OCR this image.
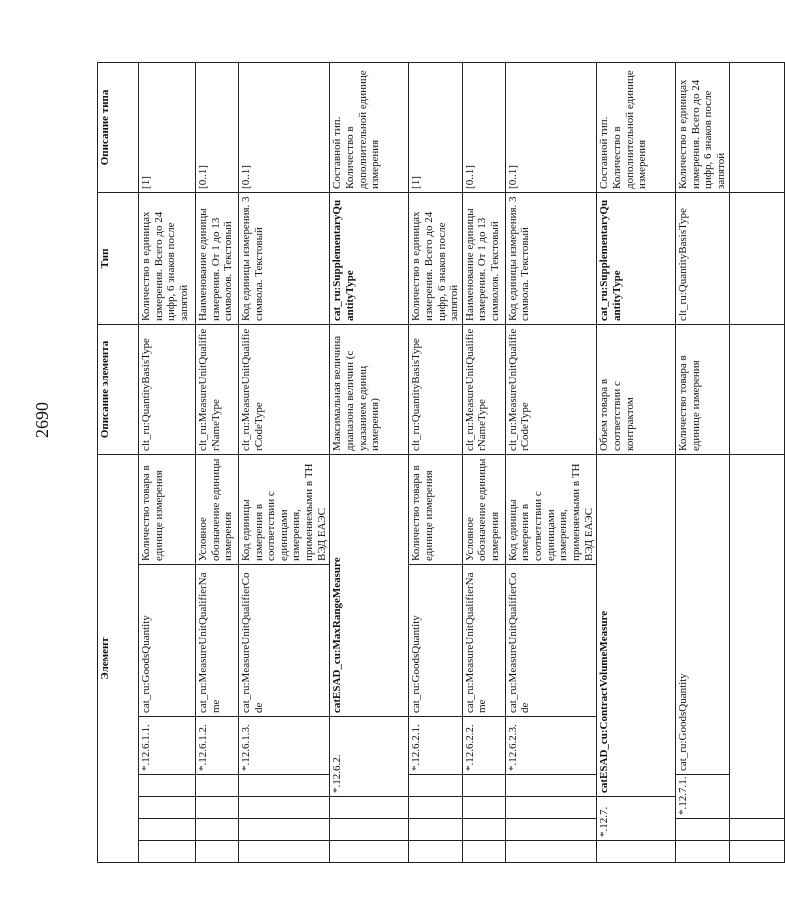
2690
Элемент							Описание элемента	Тип	Описание типа	
				*.12.6.1.1.	cat_ru:GoodsQuantity	Количество товара в единице измерения	clt_ru:QuantityBasisType	Количество в единицах измерения. Всего до 24 цифр, 6 знаков после запятой	[1]	
				*.12.6.1.2.	cat_ru:MeasureUnitQualifierName	Условное обозначение единицы измерения	clt_ru:MeasureUnitQualifierNameType	Наименование единицы измерения. От 1 до 13 символов. Текстовый	[0..1]	
				*.12.6.1.3.	cat_ru:MeasureUnitQualifierCode	Код единицы измерения в соответствии с единицами измерения, применяемыми в ТН ВЭД ЕАЭС	clt_ru:MeasureUnitQualifierCodeType	Код единицы измерения. 3 символа. Текстовый	[0..1]	
			*.12.6.2.		catESAD_cu:MaxRangeMeasure		Максимальная величина диапазона величин (с указанием единиц измерения)	cat_ru:SupplementaryQuantityType	Составной тип. Количество в дополнительной единице измерения	
				*.12.6.2.1.	cat_ru:GoodsQuantity	Количество товара в единице измерения	clt_ru:QuantityBasisType	Количество в единицах измерения. Всего до 24 цифр, 6 знаков после запятой	[1]	
				*.12.6.2.2.	cat_ru:MeasureUnitQualifierName	Условное обозначение единицы измерения	clt_ru:MeasureUnitQualifierNameType	Наименование единицы измерения. От 1 до 13 символов. Текстовый	[0..1]	
				*.12.6.2.3.	cat_ru:MeasureUnitQualifierCode	Код единицы измерения в соответствии с единицами измерения, применяемыми в ТН ВЭД ЕАЭС	clt_ru:MeasureUnitQualifierCodeType	Код единицы измерения. 3 символа. Текстовый	[0..1]	
	*.12.7.		catESAD_cu:ContractVolumeMeasure				Объем товара в соответствии с контрактом	cat_ru:SupplementaryQuantityType	Составной тип. Количество в дополнительной единице измерения	
		*.12.7.1.		cat_ru:GoodsQuantity			Количество товара в единице измерения	clt_ru:QuantityBasisType	Количество в единицах измерения. Всего до 24 цифр, 6 знаков после запятой	
